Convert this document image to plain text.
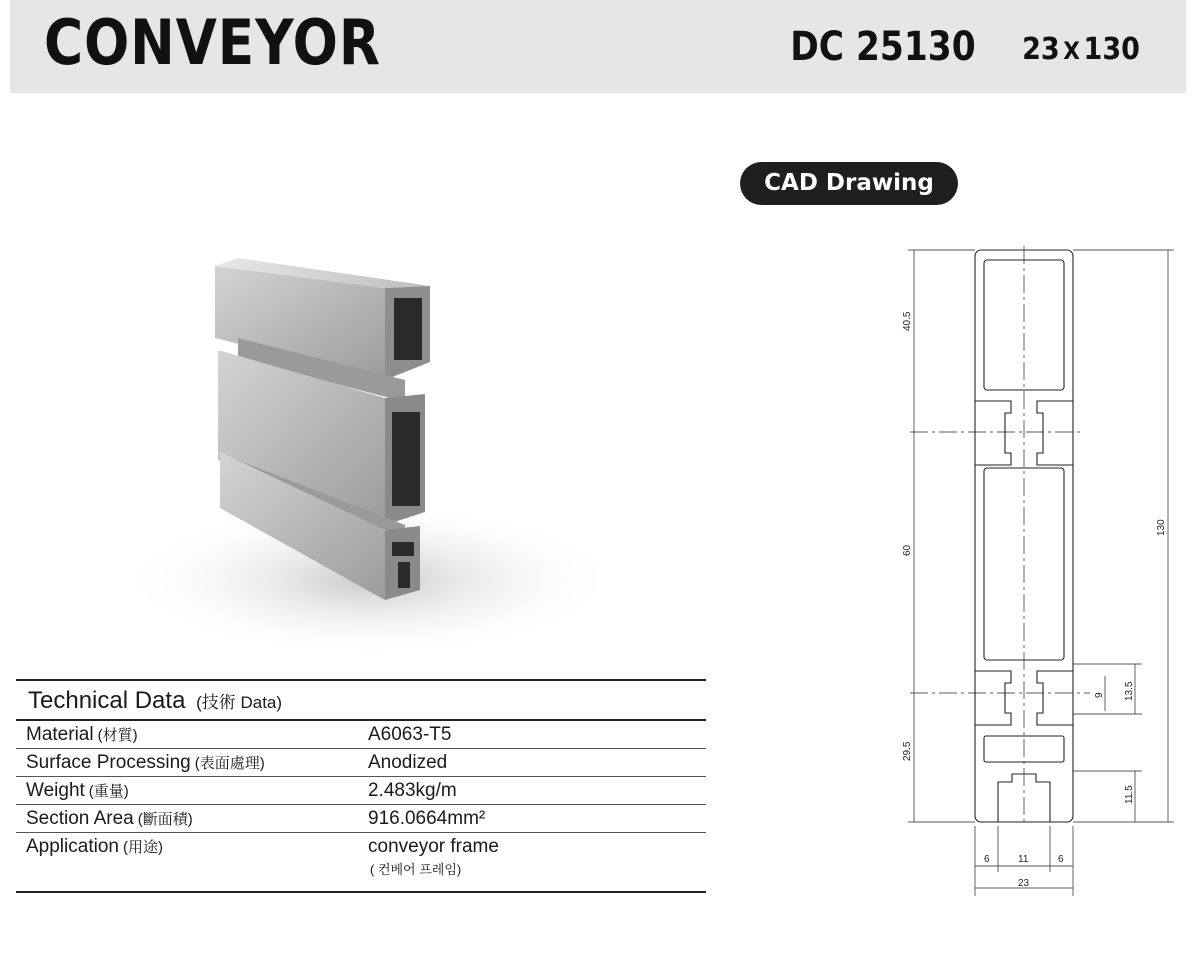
CONVEYOR	DC 25130 23 X 130
CAD Drawing
40.5
60
29.5
130
9 13.5
11.5
6	11	6
23
Technical Data (技術 Data)
Material (材質)	A6063-T5
Surface Processing (表面處理)	Anodized
Weight (重量)	2.483kg/m
Section Area (斷面積)	916.0664mm²
Application (用途)	conveyor frame
( 컨베어 프레임)
